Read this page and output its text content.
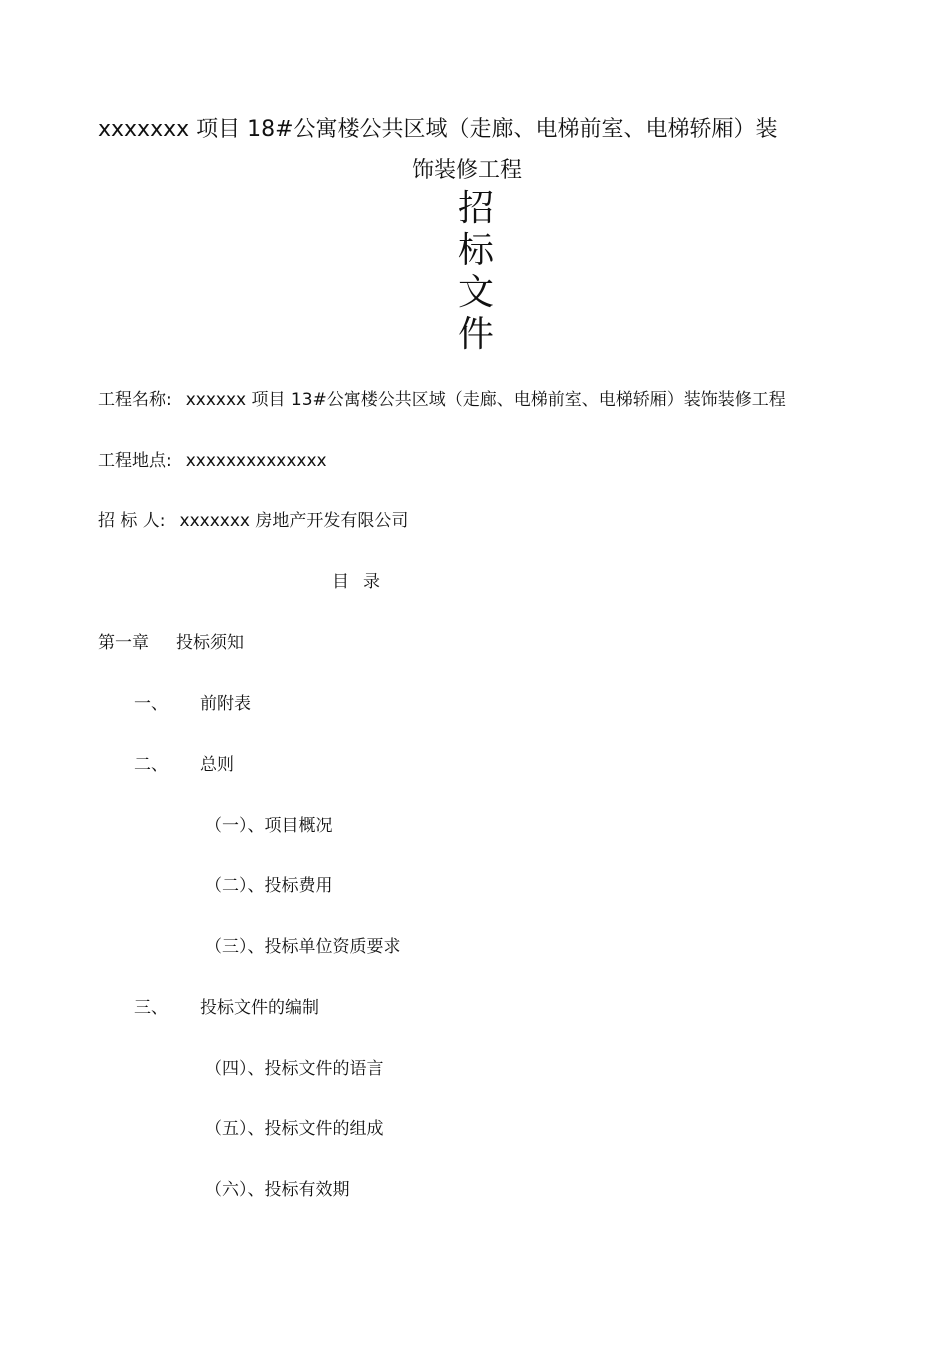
xxxxxxx 项目 18#公寓楼公共区域（走廊、电梯前室、电梯轿厢）装
饰装修工程
招
标
文
件
工程名称: xxxxxx 项目 13#公寓楼公共区域（走廊、电梯前室、电梯轿厢）装饰装修工程
工程地点: xxxxxxxxxxxxxx
招 标 人: xxxxxxx 房地产开发有限公司
目录
第一章 投标须知
一、 前附表
二、 总则
（一）、项目概况
（二）、投标费用
（三）、投标单位资质要求
三、 投标文件的编制
（四）、投标文件的语言
（五）、投标文件的组成
（六）、投标有效期
